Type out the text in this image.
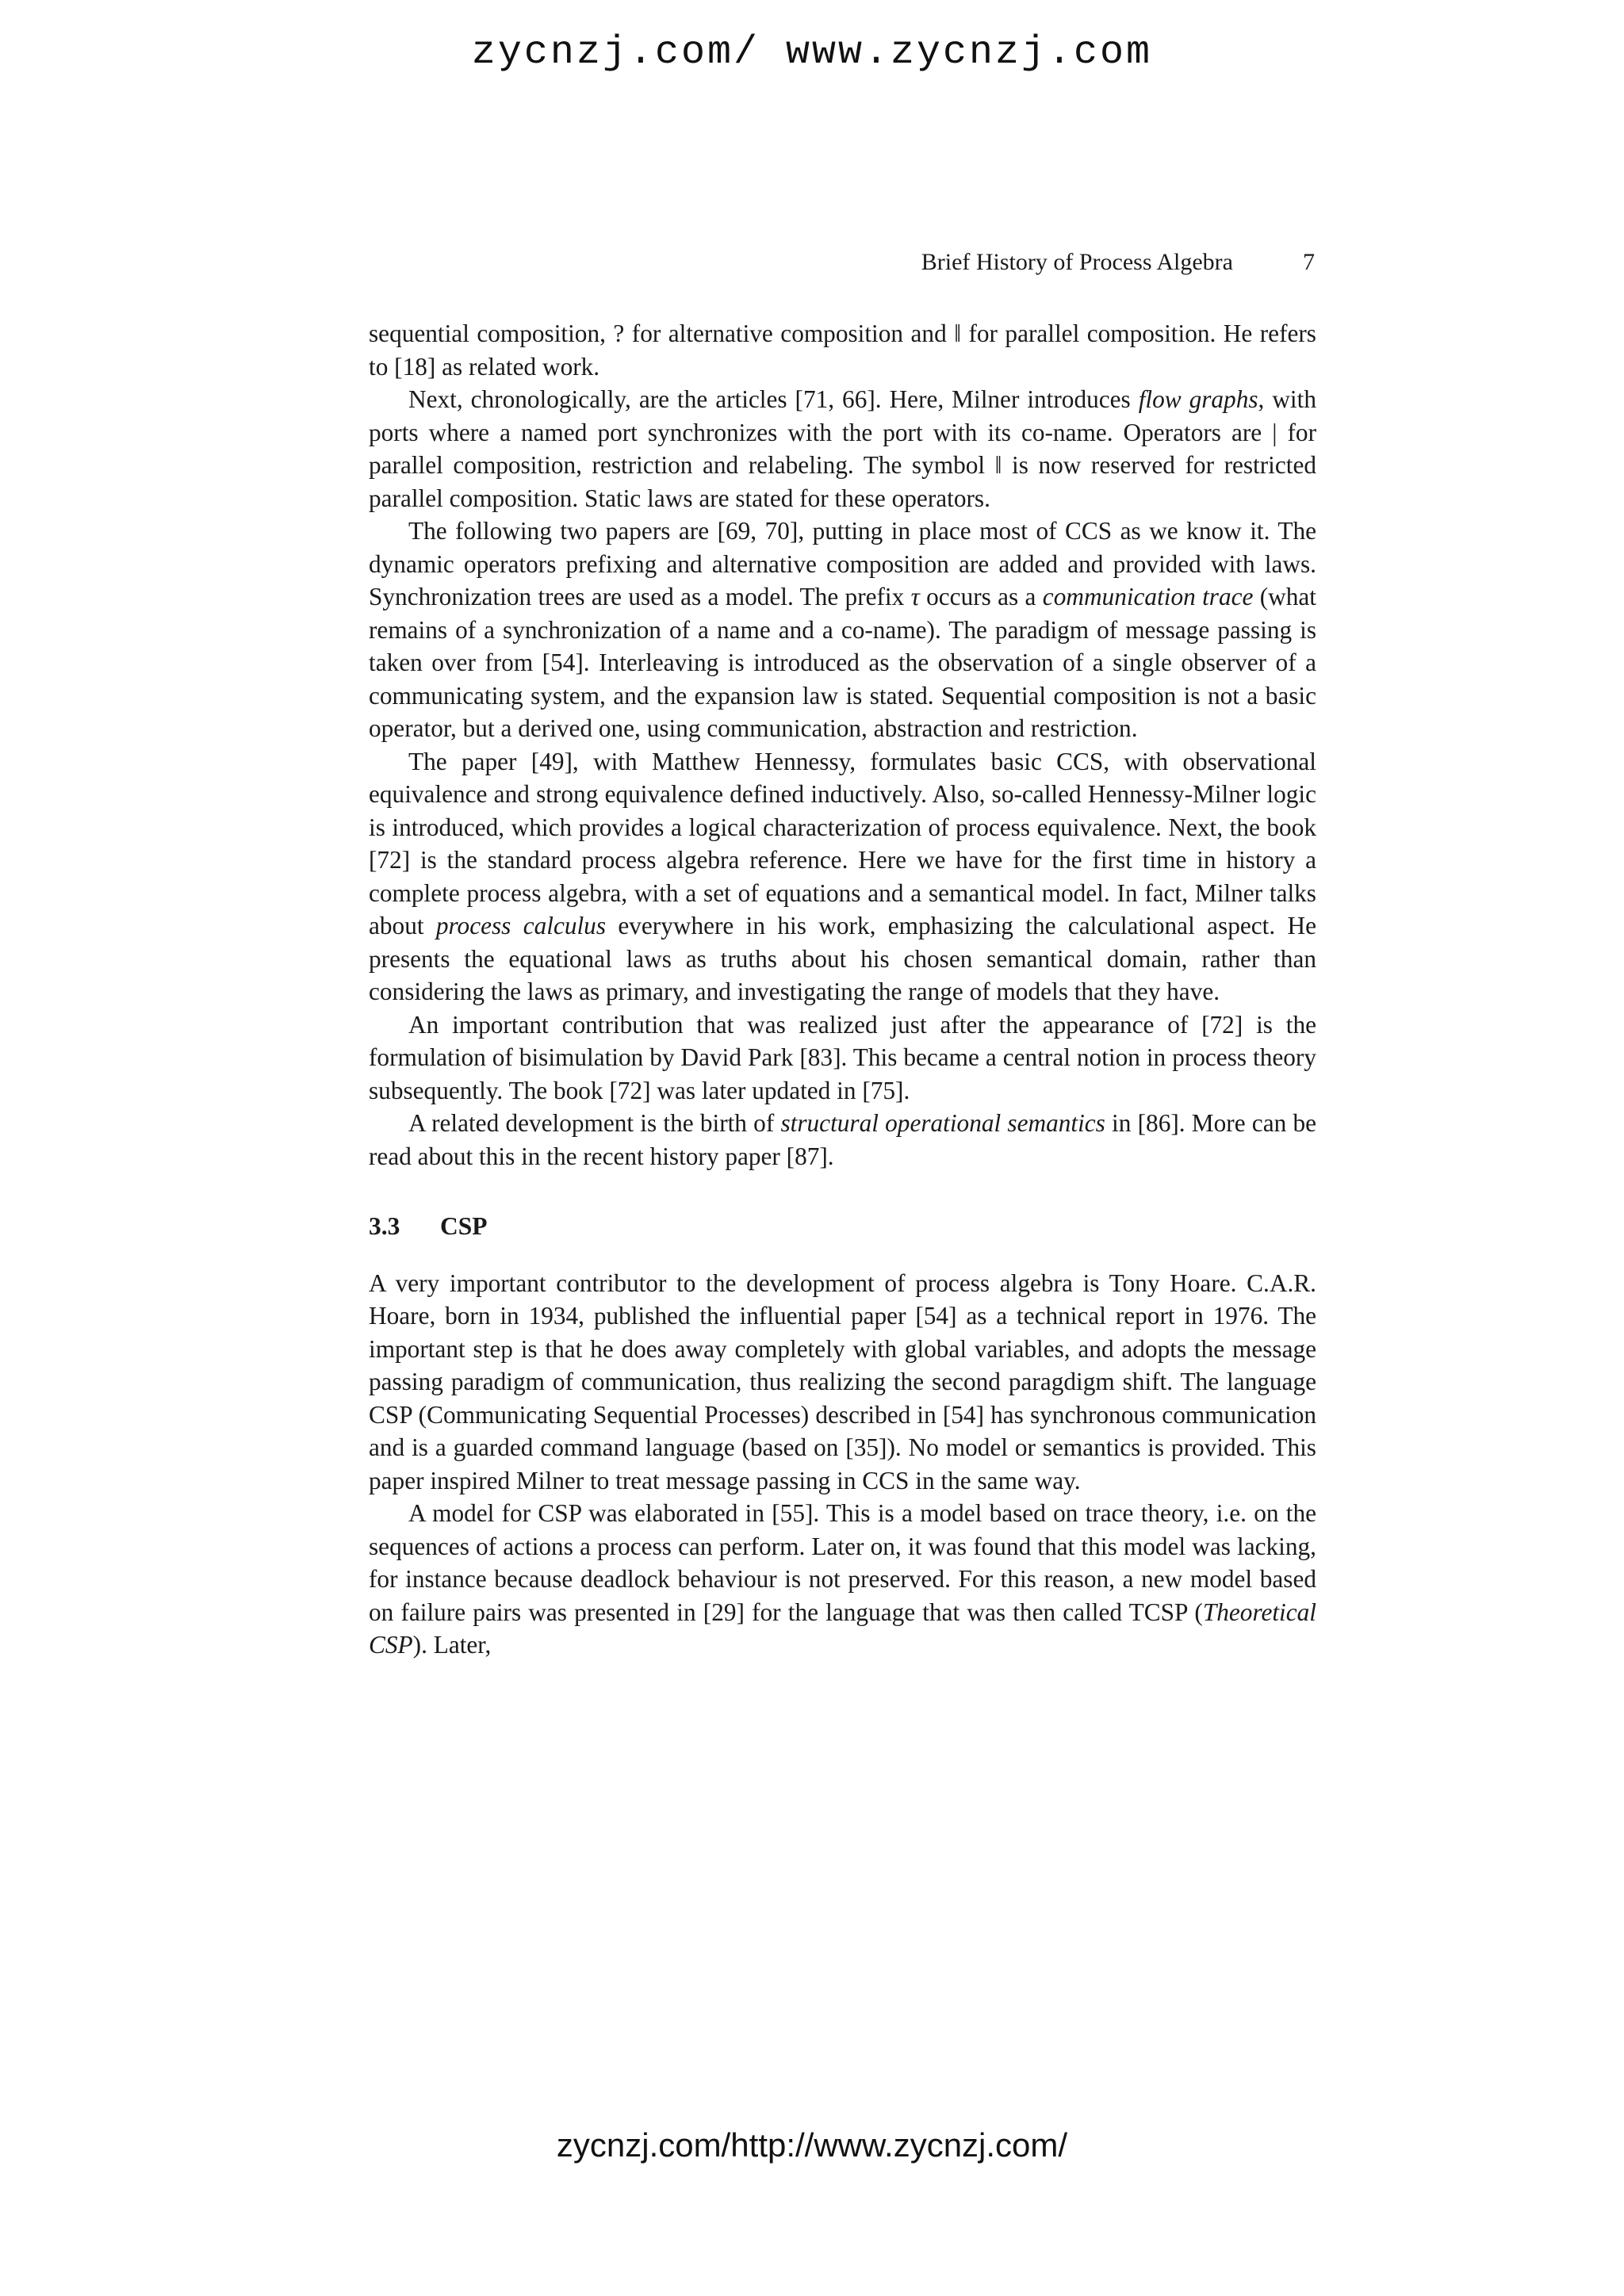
zycnzj.com/ www.zycnzj.com
Brief History of Process Algebra	7

sequential composition, ? for alternative composition and ‖ for parallel composition. He refers to [18] as related work.

Next, chronologically, are the articles [71, 66]. Here, Milner introduces flow graphs, with ports where a named port synchronizes with the port with its co-name. Operators are | for parallel composition, restriction and relabeling. The symbol ‖ is now reserved for restricted parallel composition. Static laws are stated for these operators.

The following two papers are [69, 70], putting in place most of CCS as we know it. The dynamic operators prefixing and alternative composition are added and provided with laws. Synchronization trees are used as a model. The prefix τ occurs as a communication trace (what remains of a synchronization of a name and a co-name). The paradigm of message passing is taken over from [54]. Interleaving is introduced as the observation of a single observer of a communicating system, and the expansion law is stated. Sequential composition is not a basic operator, but a derived one, using communication, abstraction and restriction.

The paper [49], with Matthew Hennessy, formulates basic CCS, with observational equivalence and strong equivalence defined inductively. Also, so-called Hennessy-Milner logic is introduced, which provides a logical characterization of process equivalence. Next, the book [72] is the standard process algebra reference. Here we have for the first time in history a complete process algebra, with a set of equations and a semantical model. In fact, Milner talks about process calculus everywhere in his work, emphasizing the calculational aspect. He presents the equational laws as truths about his chosen semantical domain, rather than considering the laws as primary, and investigating the range of models that they have.

An important contribution that was realized just after the appearance of [72] is the formulation of bisimulation by David Park [83]. This became a central notion in process theory subsequently. The book [72] was later updated in [75].

A related development is the birth of structural operational semantics in [86]. More can be read about this in the recent history paper [87].

3.3 CSP

A very important contributor to the development of process algebra is Tony Hoare. C.A.R. Hoare, born in 1934, published the influential paper [54] as a technical report in 1976. The important step is that he does away completely with global variables, and adopts the message passing paradigm of communication, thus realizing the second paragdigm shift. The language CSP (Communicating Sequential Processes) described in [54] has synchronous communication and is a guarded command language (based on [35]). No model or semantics is provided. This paper inspired Milner to treat message passing in CCS in the same way.

A model for CSP was elaborated in [55]. This is a model based on trace theory, i.e. on the sequences of actions a process can perform. Later on, it was found that this model was lacking, for instance because deadlock behaviour is not preserved. For this reason, a new model based on failure pairs was presented in [29] for the language that was then called TCSP (Theoretical CSP). Later,

zycnzj.com/http://www.zycnzj.com/
